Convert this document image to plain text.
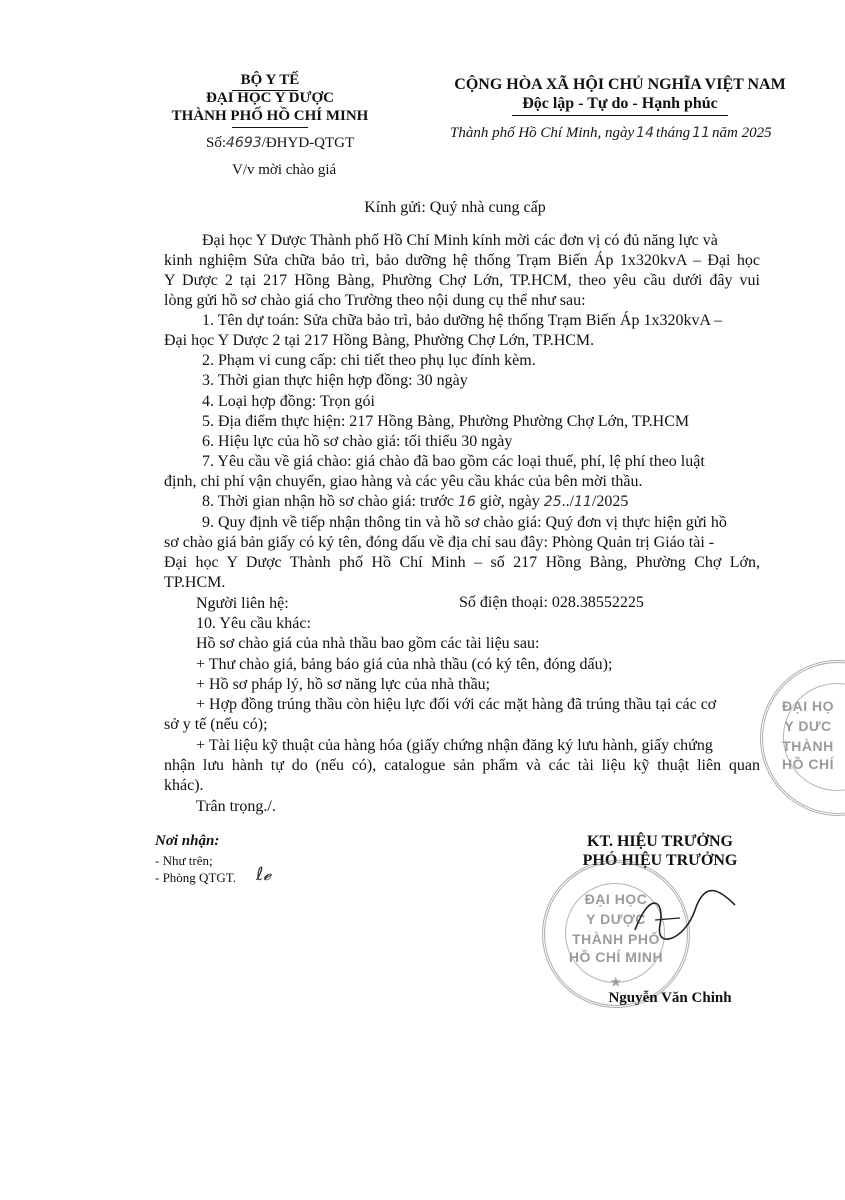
BỘ Y TẾ
ĐẠI HỌC Y DƯỢC
THÀNH PHỐ HỒ CHÍ MINH
Số:4693/ĐHYD-QTGT
V/v mời chào giá
CỘNG HÒA XÃ HỘI CHỦ NGHĨA VIỆT NAM
Độc lập - Tự do - Hạnh phúc
Thành phố Hồ Chí Minh, ngày 14 tháng 11 năm 2025
Kính gửi: Quý nhà cung cấp
Đại học Y Dược Thành phố Hồ Chí Minh kính mời các đơn vị có đủ năng lực và
kinh nghiệm Sửa chữa bảo trì, bảo dưỡng hệ thống Trạm Biến Áp 1x320kvA – Đại học
Y Dược 2 tại 217 Hồng Bàng, Phường Chợ Lớn, TP.HCM, theo yêu cầu dưới đây vui
lòng gửi hồ sơ chào giá cho Trường theo nội dung cụ thể như sau:
1. Tên dự toán: Sửa chữa bảo trì, bảo dưỡng hệ thống Trạm Biến Áp 1x320kvA –
Đại học Y Dược 2 tại 217 Hồng Bàng, Phường Chợ Lớn, TP.HCM.
2. Phạm vi cung cấp: chi tiết theo phụ lục đính kèm.
3. Thời gian thực hiện hợp đồng: 30 ngày
4. Loại hợp đồng: Trọn gói
5. Địa điểm thực hiện: 217 Hồng Bàng, Phường Phường Chợ Lớn, TP.HCM
6. Hiệu lực của hồ sơ chào giá: tối thiểu 30 ngày
7. Yêu cầu về giá chào: giá chào đã bao gồm các loại thuế, phí, lệ phí theo luật
định, chi phí vận chuyển, giao hàng và các yêu cầu khác của bên mời thầu.
8. Thời gian nhận hồ sơ chào giá: trước 16 giờ, ngày 25../11/2025
9. Quy định về tiếp nhận thông tin và hồ sơ chào giá: Quý đơn vị thực hiện gửi hồ
sơ chào giá bản giấy có ký tên, đóng dấu về địa chỉ sau đây: Phòng Quản trị Giáo tài -
Đại học Y Dược Thành phố Hồ Chí Minh – số 217 Hồng Bàng, Phường Chợ Lớn,
TP.HCM.
Người liên hệ:	Số điện thoại: 028.38552225
10. Yêu cầu khác:
Hồ sơ chào giá của nhà thầu bao gồm các tài liệu sau:
+ Thư chào giá, bảng báo giá của nhà thầu (có ký tên, đóng dấu);
+ Hồ sơ pháp lý, hồ sơ năng lực của nhà thầu;
+ Hợp đồng trúng thầu còn hiệu lực đối với các mặt hàng đã trúng thầu tại các cơ
sở y tế (nếu có);
+ Tài liệu kỹ thuật của hàng hóa (giấy chứng nhận đăng ký lưu hành, giấy chứng
nhận lưu hành tự do (nếu có), catalogue sản phẩm và các tài liệu kỹ thuật liên quan
khác).
Trân trọng./.
Nơi nhận:
- Như trên;
- Phòng QTGT. ℓ𝓮
KT. HIỆU TRƯỞNG
PHÓ HIỆU TRƯỞNG
ĐẠI HỌC
Y DƯỢC
THÀNH PHỐ
HỒ CHÍ MINH
★
ĐẠI HỌ
Y DƯC
THÀNH
HỒ CHÍ
Nguyễn Văn Chinh
